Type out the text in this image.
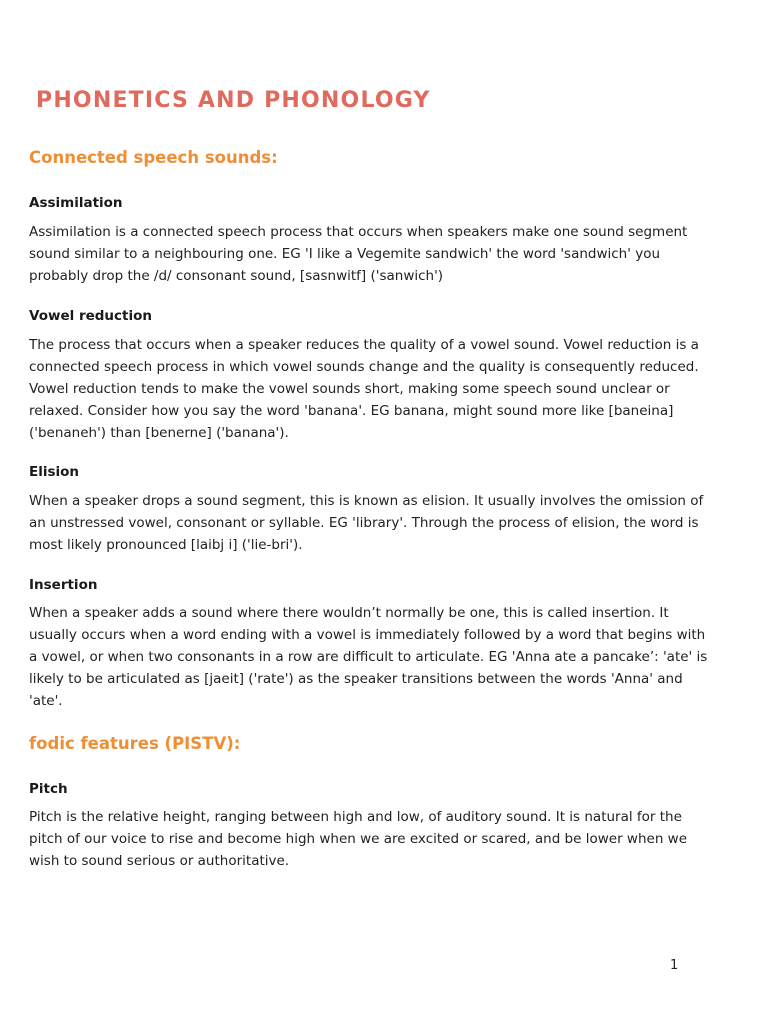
PHONETICS AND PHONOLOGY
Connected speech sounds:
Assimilation
Assimilation is a connected speech process that occurs when speakers make one sound segment
sound similar to a neighbouring one. EG 'I like a Vegemite sandwich' the word 'sandwich' you
probably drop the /d/ consonant sound, [sasnwitf] ('sanwich')
Vowel reduction
The process that occurs when a speaker reduces the quality of a vowel sound. Vowel reduction is a
connected speech process in which vowel sounds change and the quality is consequently reduced.
Vowel reduction tends to make the vowel sounds short, making some speech sound unclear or
relaxed. Consider how you say the word 'banana'. EG banana, might sound more like [baneina]
('benaneh') than [benerne] ('banana').
Elision
When a speaker drops a sound segment, this is known as elision. It usually involves the omission of
an unstressed vowel, consonant or syllable. EG 'library'. Through the process of elision, the word is
most likely pronounced [laibj i] ('lie-bri').
Insertion
When a speaker adds a sound where there wouldn’t normally be one, this is called insertion. It
usually occurs when a word ending with a vowel is immediately followed by a word that begins with
a vowel, or when two consonants in a row are difficult to articulate. EG 'Anna ate a pancake’: 'ate' is
likely to be articulated as [jaeit] ('rate') as the speaker transitions between the words 'Anna' and
'ate'.
fodic features (PISTV):
Pitch
Pitch is the relative height, ranging between high and low, of auditory sound. It is natural for the
pitch of our voice to rise and become high when we are excited or scared, and be lower when we
wish to sound serious or authoritative.
1
